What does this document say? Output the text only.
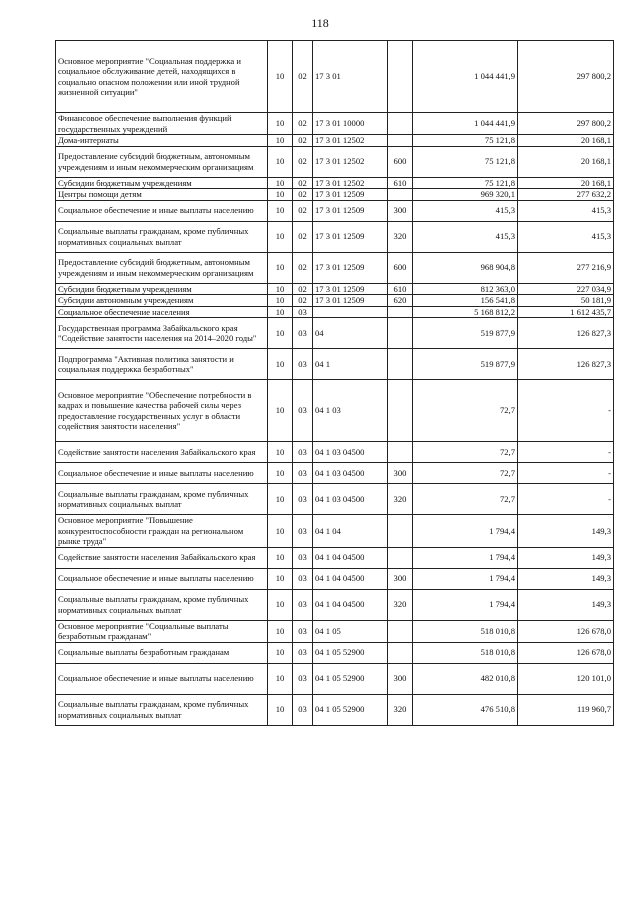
118
Основное мероприятие "Социальная поддержка и социальное обслуживание детей, находящихся в социально опасном положении или иной трудной жизненной ситуации"	10	02	17 3 01		1 044 441,9	297 800,2
Финансовое обеспечение выполнения функций государственных учреждений	10	02	17 3 01 10000		1 044 441,9	297 800,2
Дома-интернаты	10	02	17 3 01 12502		75 121,8	20 168,1
Предоставление субсидий бюджетным, автономным учреждениям и иным некоммерческим организациям	10	02	17 3 01 12502	600	75 121,8	20 168,1
Субсидии бюджетным учреждениям	10	02	17 3 01 12502	610	75 121,8	20 168,1
Центры помощи детям	10	02	17 3 01 12509		969 320,1	277 632,2
Социальное обеспечение и иные выплаты населению	10	02	17 3 01 12509	300	415,3	415,3
Социальные выплаты гражданам, кроме публичных нормативных социальных выплат	10	02	17 3 01 12509	320	415,3	415,3
Предоставление субсидий бюджетным, автономным учреждениям и иным некоммерческим организациям	10	02	17 3 01 12509	600	968 904,8	277 216,9
Субсидии бюджетным учреждениям	10	02	17 3 01 12509	610	812 363,0	227 034,9
Субсидии автономным учреждениям	10	02	17 3 01 12509	620	156 541,8	50 181,9
Социальное обеспечение населения	10	03			5 168 812,2	1 612 435,7
Государственная программа Забайкальского края "Содействие занятости населения на 2014–2020 годы"	10	03	04		519 877,9	126 827,3
Подпрограмма "Активная политика занятости и социальная поддержка безработных"	10	03	04 1		519 877,9	126 827,3
Основное мероприятие "Обеспечение потребности в кадрах и повышение качества рабочей силы через предоставление государственных услуг в области содействия занятости населения"	10	03	04 1 03		72,7	-
Содействие занятости населения Забайкальского края	10	03	04 1 03 04500		72,7	-
Социальное обеспечение и иные выплаты населению	10	03	04 1 03 04500	300	72,7	-
Социальные выплаты гражданам, кроме публичных нормативных социальных выплат	10	03	04 1 03 04500	320	72,7	-
Основное мероприятие "Повышение конкурентоспособности граждан на региональном рынке труда"	10	03	04 1 04		1 794,4	149,3
Содействие занятости населения Забайкальского края	10	03	04 1 04 04500		1 794,4	149,3
Социальное обеспечение и иные выплаты населению	10	03	04 1 04 04500	300	1 794,4	149,3
Социальные выплаты гражданам, кроме публичных нормативных социальных выплат	10	03	04 1 04 04500	320	1 794,4	149,3
Основное мероприятие "Социальные выплаты безработным гражданам"	10	03	04 1 05		518 010,8	126 678,0
Социальные выплаты безработным гражданам	10	03	04 1 05 52900		518 010,8	126 678,0
Социальное обеспечение и иные выплаты населению	10	03	04 1 05 52900	300	482 010,8	120 101,0
Социальные выплаты гражданам, кроме публичных нормативных социальных выплат	10	03	04 1 05 52900	320	476 510,8	119 960,7
